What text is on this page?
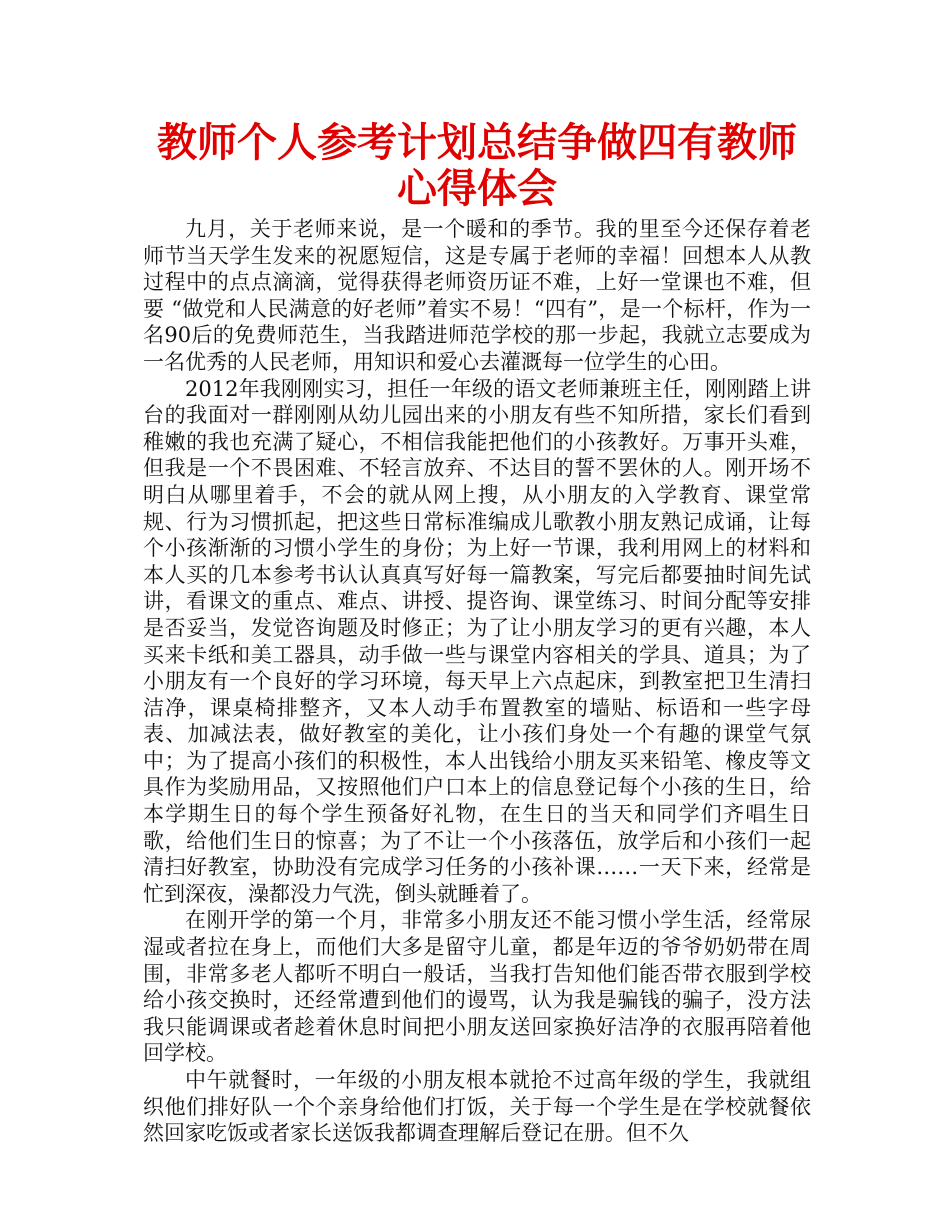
教师个人参考计划总结争做四有教师心得体会

九月，关于老师来说，是一个暖和的季节。我的里至今还保存着老师节当天学生发来的祝愿短信，这是专属于老师的幸福！回想本人从教过程中的点点滴滴，觉得获得老师资历证不难，上好一堂课也不难，但要 “做党和人民满意的好老师”着实不易！“四有”，是一个标杆，作为一名90后的免费师范生，当我踏进师范学校的那一步起，我就立志要成为一名优秀的人民老师，用知识和爱心去灌溉每一位学生的心田。

2012年我刚刚实习，担任一年级的语文老师兼班主任，刚刚踏上讲台的我面对一群刚刚从幼儿园出来的小朋友有些不知所措，家长们看到稚嫩的我也充满了疑心，不相信我能把他们的小孩教好。万事开头难，但我是一个不畏困难、不轻言放弃、不达目的誓不罢休的人。刚开场不明白从哪里着手，不会的就从网上搜，从小朋友的入学教育、课堂常规、行为习惯抓起，把这些日常标准编成儿歌教小朋友熟记成诵，让每个小孩渐渐的习惯小学生的身份；为上好一节课，我利用网上的材料和本人买的几本参考书认认真真写好每一篇教案，写完后都要抽时间先试讲，看课文的重点、难点、讲授、提咨询、课堂练习、时间分配等安排是否妥当，发觉咨询题及时修正；为了让小朋友学习的更有兴趣，本人买来卡纸和美工器具，动手做一些与课堂内容相关的学具、道具；为了小朋友有一个良好的学习环境，每天早上六点起床，到教室把卫生清扫洁净，课桌椅排整齐，又本人动手布置教室的墙贴、标语和一些字母表、加减法表，做好教室的美化，让小孩们身处一个有趣的课堂气氛中；为了提高小孩们的积极性，本人出钱给小朋友买来铅笔、橡皮等文具作为奖励用品，又按照他们户口本上的信息登记每个小孩的生日，给本学期生日的每个学生预备好礼物，在生日的当天和同学们齐唱生日歌，给他们生日的惊喜；为了不让一个小孩落伍，放学后和小孩们一起清扫好教室，协助没有完成学习任务的小孩补课……一天下来，经常是忙到深夜，澡都没力气洗，倒头就睡着了。

在刚开学的第一个月，非常多小朋友还不能习惯小学生活，经常尿湿或者拉在身上，而他们大多是留守儿童，都是年迈的爷爷奶奶带在周围，非常多老人都听不明白一般话，当我打告知他们能否带衣服到学校给小孩交换时，还经常遭到他们的谩骂，认为我是骗钱的骗子，没方法我只能调课或者趁着休息时间把小朋友送回家换好洁净的衣服再陪着他回学校。

中午就餐时，一年级的小朋友根本就抢不过高年级的学生，我就组织他们排好队一个个亲身给他们打饭，关于每一个学生是在学校就餐依然回家吃饭或者家长送饭我都调查理解后登记在册。但不久
